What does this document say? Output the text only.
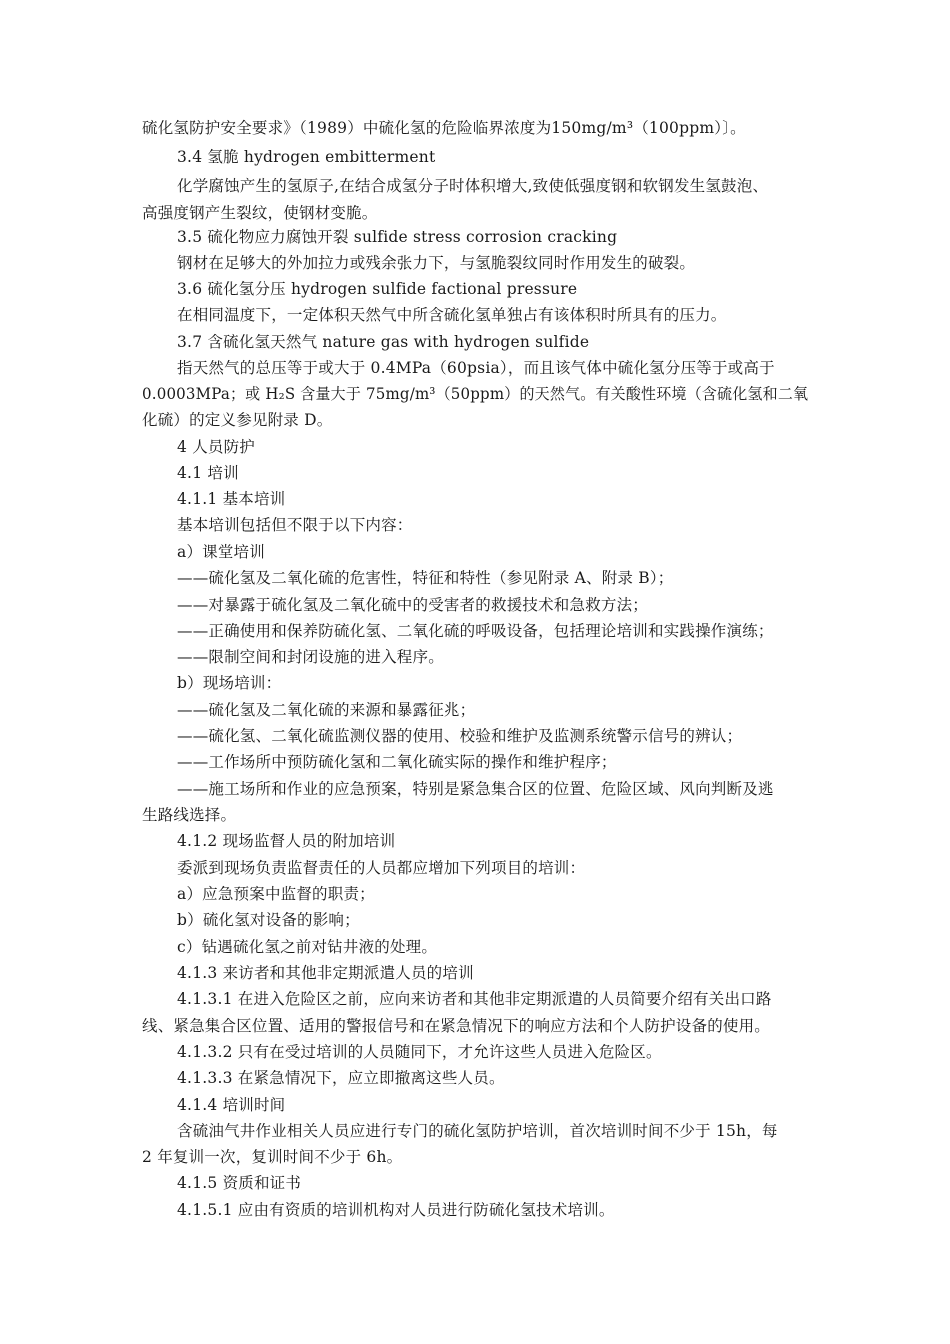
硫化氢防护安全要求》（1989）中硫化氢的危险临界浓度为150mg/m³（100ppm）〕。
3.4 氢脆 hydrogen embitterment
化学腐蚀产生的氢原子,在结合成氢分子时体积增大,致使低强度钢和软钢发生氢鼓泡、
高强度钢产生裂纹，使钢材变脆。
3.5 硫化物应力腐蚀开裂 sulfide stress corrosion cracking
钢材在足够大的外加拉力或残余张力下，与氢脆裂纹同时作用发生的破裂。
3.6 硫化氢分压 hydrogen sulfide factional pressure
在相同温度下，一定体积天然气中所含硫化氢单独占有该体积时所具有的压力。
3.7 含硫化氢天然气 nature gas with hydrogen sulfide
指天然气的总压等于或大于 0.4MPa（60psia），而且该气体中硫化氢分压等于或高于
0.0003MPa；或 H₂S 含量大于 75mg/m³（50ppm）的天然气。有关酸性环境（含硫化氢和二氧
化硫）的定义参见附录 D。
4 人员防护
4.1 培训
4.1.1 基本培训
基本培训包括但不限于以下内容：
a）课堂培训
——硫化氢及二氧化硫的危害性，特征和特性（参见附录 A、附录 B）；
——对暴露于硫化氢及二氧化硫中的受害者的救援技术和急救方法；
——正确使用和保养防硫化氢、二氧化硫的呼吸设备，包括理论培训和实践操作演练；
——限制空间和封闭设施的进入程序。
b）现场培训：
——硫化氢及二氧化硫的来源和暴露征兆；
——硫化氢、二氧化硫监测仪器的使用、校验和维护及监测系统警示信号的辨认；
——工作场所中预防硫化氢和二氧化硫实际的操作和维护程序；
——施工场所和作业的应急预案，特别是紧急集合区的位置、危险区域、风向判断及逃
生路线选择。
4.1.2 现场监督人员的附加培训
委派到现场负责监督责任的人员都应增加下列项目的培训：
a）应急预案中监督的职责；
b）硫化氢对设备的影响；
c）钻遇硫化氢之前对钻井液的处理。
4.1.3 来访者和其他非定期派遣人员的培训
4.1.3.1 在进入危险区之前，应向来访者和其他非定期派遣的人员简要介绍有关出口路
线、紧急集合区位置、适用的警报信号和在紧急情况下的响应方法和个人防护设备的使用。
4.1.3.2 只有在受过培训的人员随同下，才允许这些人员进入危险区。
4.1.3.3 在紧急情况下，应立即撤离这些人员。
4.1.4 培训时间
含硫油气井作业相关人员应进行专门的硫化氢防护培训，首次培训时间不少于 15h，每
2 年复训一次，复训时间不少于 6h。
4.1.5 资质和证书
4.1.5.1 应由有资质的培训机构对人员进行防硫化氢技术培训。
